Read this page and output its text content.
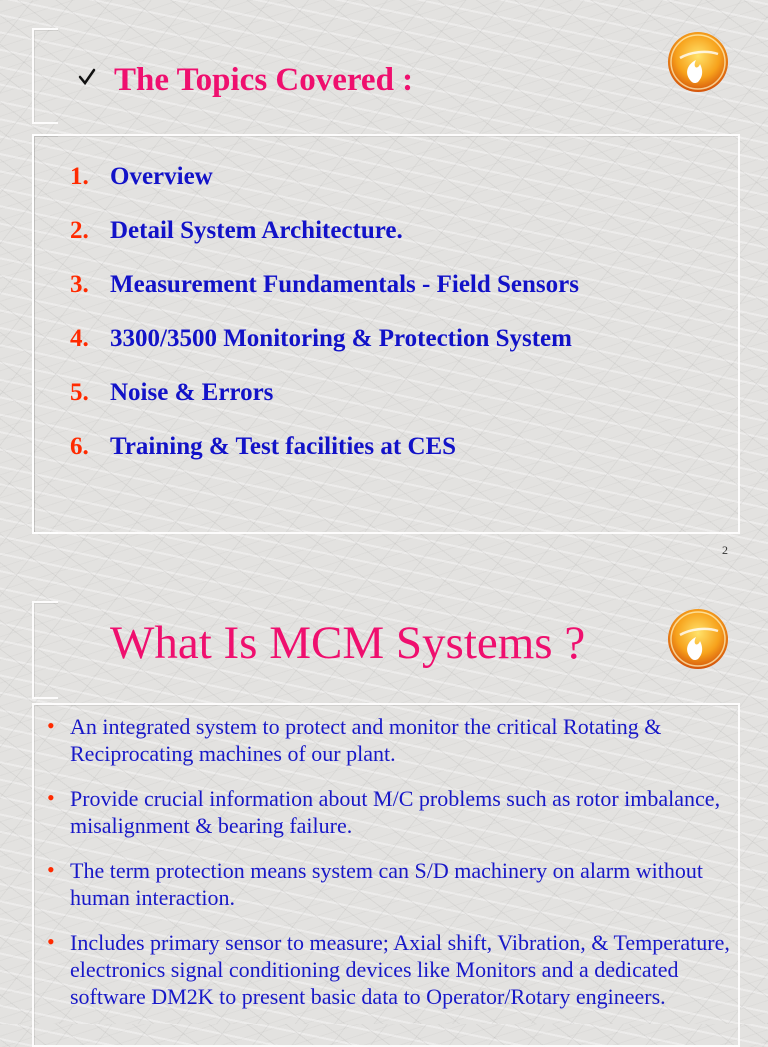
The Topics Covered :
1. Overview
2. Detail System Architecture.
3. Measurement Fundamentals - Field Sensors
4. 3300/3500 Monitoring & Protection System
5. Noise & Errors
6. Training & Test facilities at CES
2
What Is MCM Systems ?
• An integrated system to protect and monitor the critical Rotating & Reciprocating machines of our plant.
• Provide crucial information about M/C problems such as rotor imbalance, misalignment & bearing failure.
• The term protection means system can S/D machinery on alarm without human interaction.
• Includes primary sensor to measure; Axial shift, Vibration, & Temperature, electronics signal conditioning devices like Monitors and a dedicated software DM2K to present basic data to Operator/Rotary engineers.
